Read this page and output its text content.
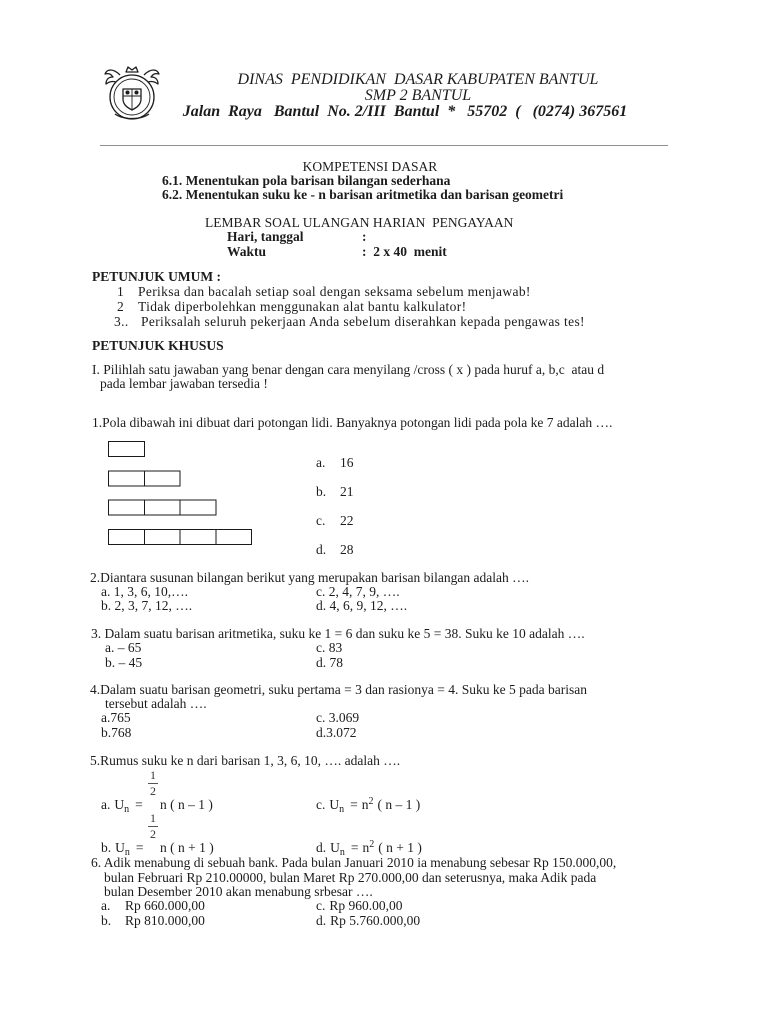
DINAS  PENDIDIKAN  DASAR KABUPATEN BANTUL
SMP 2 BANTUL
Jalan  Raya   Bantul  No. 2/III  Bantul  *   55702  (   (0274) 367561
KOMPETENSI DASAR
6.1. Menentukan pola barisan bilangan sederhana
6.2. Menentukan suku ke - n barisan aritmetika dan barisan geometri
LEMBAR SOAL ULANGAN HARIAN  PENGAYAAN
Hari, tanggal	:
Waktu	:  2 x 40  menit
PETUNJUK UMUM :
1 Periksa dan bacalah setiap soal dengan seksama sebelum menjawab!
2 Tidak diperbolehkan menggunakan alat bantu kalkulator!
3.. Periksalah seluruh pekerjaan Anda sebelum diserahkan kepada pengawas tes!
PETUNJUK KHUSUS
I. Pilihlah satu jawaban yang benar dengan cara menyilang /cross ( x ) pada huruf a, b,c  atau d
pada lembar jawaban tersedia !
1.Pola dibawah ini dibuat dari potongan lidi. Banyaknya potongan lidi pada pola ke 7 adalah ….
a. 16
b. 21
c. 22
d. 28
2.Diantara susunan bilangan berikut yang merupakan barisan bilangan adalah ….
a. 1, 3, 6, 10,….	c. 2, 4, 7, 9, ….
b. 2, 3, 7, 12, ….	d. 4, 6, 9, 12, ….
3. Dalam suatu barisan aritmetika, suku ke 1 = 6 dan suku ke 5 = 38. Suku ke 10 adalah ….
a. – 65	c. 83
b. – 45	d. 78
4.Dalam suatu barisan geometri, suku pertama = 3 dan rasionya = 4. Suku ke 5 pada barisan
tersebut adalah ….
a.765	c. 3.069
b.768	d.3.072
5.Rumus suku ke n dari barisan 1, 3, 6, 10, …. adalah ….
1
2
a. $U_n = n$ ( n – 1 )	c. $U_n = n^2$ ( n – 1 )
1
2
b. $U_n = n$ ( n + 1 )	d. $U_n = n^2$ ( n + 1 )
6. Adik menabung di sebuah bank. Pada bulan Januari 2010 ia menabung sebesar Rp 150.000,00,
bulan Februari Rp 210.00000, bulan Maret Rp 270.000,00 dan seterusnya, maka Adik pada
bulan Desember 2010 akan menabung srbesar ….
a. Rp 660.000,00	c. Rp 960.00,00
b. Rp 810.000,00	d. Rp 5.760.000,00
